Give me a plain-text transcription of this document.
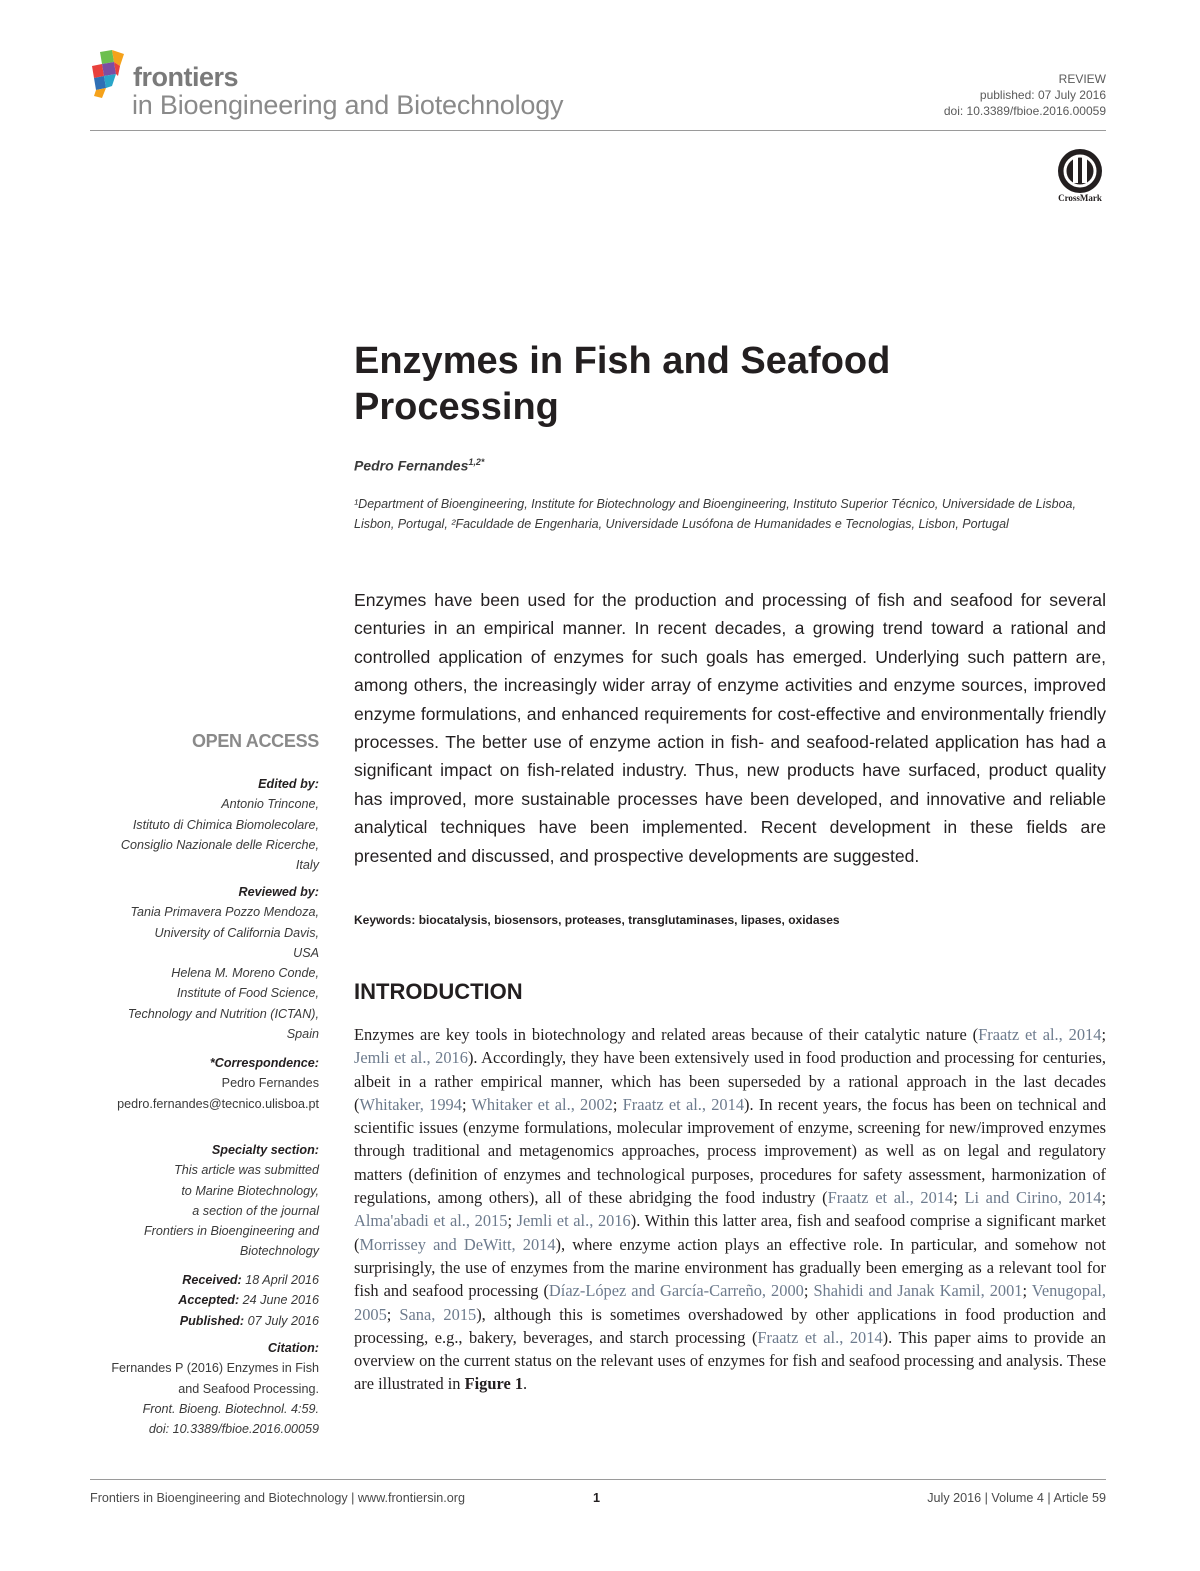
frontiers
in Bioengineering and Biotechnology
REVIEW
published: 07 July 2016
doi: 10.3389/fbioe.2016.00059
CrossMark
Enzymes in Fish and Seafood Processing
Pedro Fernandes$^{1,2*}$
¹Department of Bioengineering, Institute for Biotechnology and Bioengineering, Instituto Superior Técnico, Universidade de Lisboa, Lisbon, Portugal, ²Faculdade de Engenharia, Universidade Lusófona de Humanidades e Tecnologias, Lisbon, Portugal
Enzymes have been used for the production and processing of fish and seafood for several centuries in an empirical manner. In recent decades, a growing trend toward a rational and controlled application of enzymes for such goals has emerged. Underlying such pattern are, among others, the increasingly wider array of enzyme activities and enzyme sources, improved enzyme formulations, and enhanced requirements for cost-effective and environmentally friendly processes. The better use of enzyme action in fish- and seafood-related application has had a significant impact on fish-related industry. Thus, new products have surfaced, product quality has improved, more sustainable processes have been developed, and innovative and reliable analytical techniques have been implemented. Recent development in these fields are presented and discussed, and prospective developments are suggested.
Keywords: biocatalysis, biosensors, proteases, transglutaminases, lipases, oxidases
OPEN ACCESS
Edited by:
Antonio Trincone,
Istituto di Chimica Biomolecolare,
Consiglio Nazionale delle Ricerche,
Italy
Reviewed by:
Tania Primavera Pozzo Mendoza,
University of California Davis,
USA
Helena M. Moreno Conde,
Institute of Food Science,
Technology and Nutrition (ICTAN),
Spain
*Correspondence:
Pedro Fernandes
pedro.fernandes@tecnico.ulisboa.pt
Specialty section:
This article was submitted
to Marine Biotechnology,
a section of the journal
Frontiers in Bioengineering and
Biotechnology
Received: 18 April 2016
Accepted: 24 June 2016
Published: 07 July 2016
Citation:
Fernandes P (2016) Enzymes in Fish
and Seafood Processing.
Front. Bioeng. Biotechnol. 4:59.
doi: 10.3389/fbioe.2016.00059
INTRODUCTION
Enzymes are key tools in biotechnology and related areas because of their catalytic nature (Fraatz et al., 2014; Jemli et al., 2016). Accordingly, they have been extensively used in food production and processing for centuries, albeit in a rather empirical manner, which has been superseded by a rational approach in the last decades (Whitaker, 1994; Whitaker et al., 2002; Fraatz et al., 2014). In recent years, the focus has been on technical and scientific issues (enzyme formulations, molecular improvement of enzyme, screening for new/improved enzymes through traditional and metagenomics approaches, process improvement) as well as on legal and regulatory matters (definition of enzymes and technological purposes, procedures for safety assessment, harmonization of regulations, among others), all of these abridging the food industry (Fraatz et al., 2014; Li and Cirino, 2014; Alma'abadi et al., 2015; Jemli et al., 2016). Within this latter area, fish and seafood comprise a significant market (Morrissey and DeWitt, 2014), where enzyme action plays an effective role. In particular, and somehow not surprisingly, the use of enzymes from the marine environment has gradually been emerging as a relevant tool for fish and seafood processing (Díaz-López and García-Carreño, 2000; Shahidi and Janak Kamil, 2001; Venugopal, 2005; Sana, 2015), although this is sometimes overshadowed by other applications in food production and processing, e.g., bakery, beverages, and starch processing (Fraatz et al., 2014). This paper aims to provide an overview on the current status on the relevant uses of enzymes for fish and seafood processing and analysis. These are illustrated in Figure 1.
Frontiers in Bioengineering and Biotechnology | www.frontiersin.org	1	July 2016 | Volume 4 | Article 59
